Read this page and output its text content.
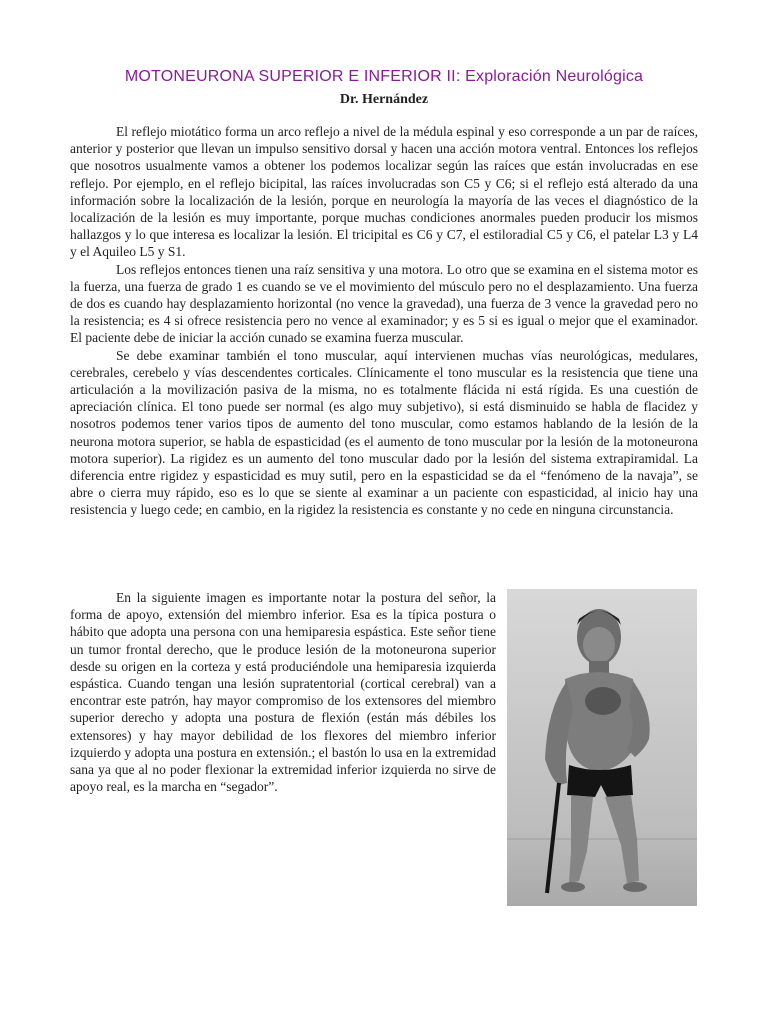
MOTONEURONA SUPERIOR E INFERIOR II: Exploración Neurológica
Dr. Hernández

El reflejo miotático forma un arco reflejo a nivel de la médula espinal y eso corresponde a un par de raíces, anterior y posterior que llevan un impulso sensitivo dorsal y hacen una acción motora ventral. Entonces los reflejos que nosotros usualmente vamos a obtener los podemos localizar según las raíces que están involucradas en ese reflejo. Por ejemplo, en el reflejo bicipital, las raíces involucradas son C5 y C6; si el reflejo está alterado da una información sobre la localización de la lesión, porque en neurología la mayoría de las veces el diagnóstico de la localización de la lesión es muy importante, porque muchas condiciones anormales pueden producir los mismos hallazgos y lo que interesa es localizar la lesión. El tricipital es C6 y C7, el estiloradial C5 y C6, el patelar L3 y L4 y el Aquileo L5 y S1.

Los reflejos entonces tienen una raíz sensitiva y una motora. Lo otro que se examina en el sistema motor es la fuerza, una fuerza de grado 1 es cuando se ve el movimiento del músculo pero no el desplazamiento. Una fuerza de dos es cuando hay desplazamiento horizontal (no vence la gravedad), una fuerza de 3 vence la gravedad pero no la resistencia; es 4 si ofrece resistencia pero no vence al examinador; y es 5 si es igual o mejor que el examinador. El paciente debe de iniciar la acción cunado se examina fuerza muscular.

Se debe examinar también el tono muscular, aquí intervienen muchas vías neurológicas, medulares, cerebrales, cerebelo y vías descendentes corticales. Clínicamente el tono muscular es la resistencia que tiene una articulación a la movilización pasiva de la misma, no es totalmente flácida ni está rígida. Es una cuestión de apreciación clínica. El tono puede ser normal (es algo muy subjetivo), si está disminuido se habla de flacidez y nosotros podemos tener varios tipos de aumento del tono muscular, como estamos hablando de la lesión de la neurona motora superior, se habla de espasticidad (es el aumento de tono muscular por la lesión de la motoneurona motora superior). La rigidez es un aumento del tono muscular dado por la lesión del sistema extrapiramidal. La diferencia entre rigidez y espasticidad es muy sutil, pero en la espasticidad se da el “fenómeno de la navaja”, se abre o cierra muy rápido, eso es lo que se siente al examinar a un paciente con espasticidad, al inicio hay una resistencia y luego cede; en cambio, en la rigidez la resistencia es constante y no cede en ninguna circunstancia.

En la siguiente imagen es importante notar la postura del señor, la forma de apoyo, extensión del miembro inferior. Esa es la típica postura o hábito que adopta una persona con una hemiparesia espástica. Este señor tiene un tumor frontal derecho, que le produce lesión de la motoneurona superior desde su origen en la corteza y está produciéndole una hemiparesia izquierda espástica. Cuando tengan una lesión supratentorial (cortical cerebral) van a encontrar este patrón, hay mayor compromiso de los extensores del miembro superior derecho y adopta una postura de flexión (están más débiles los extensores) y hay mayor debilidad de los flexores del miembro inferior izquierdo y adopta una postura en extensión.; el bastón lo usa en la extremidad sana ya que al no poder flexionar la extremidad inferior izquierda no sirve de apoyo real, es la marcha en “segador”.
